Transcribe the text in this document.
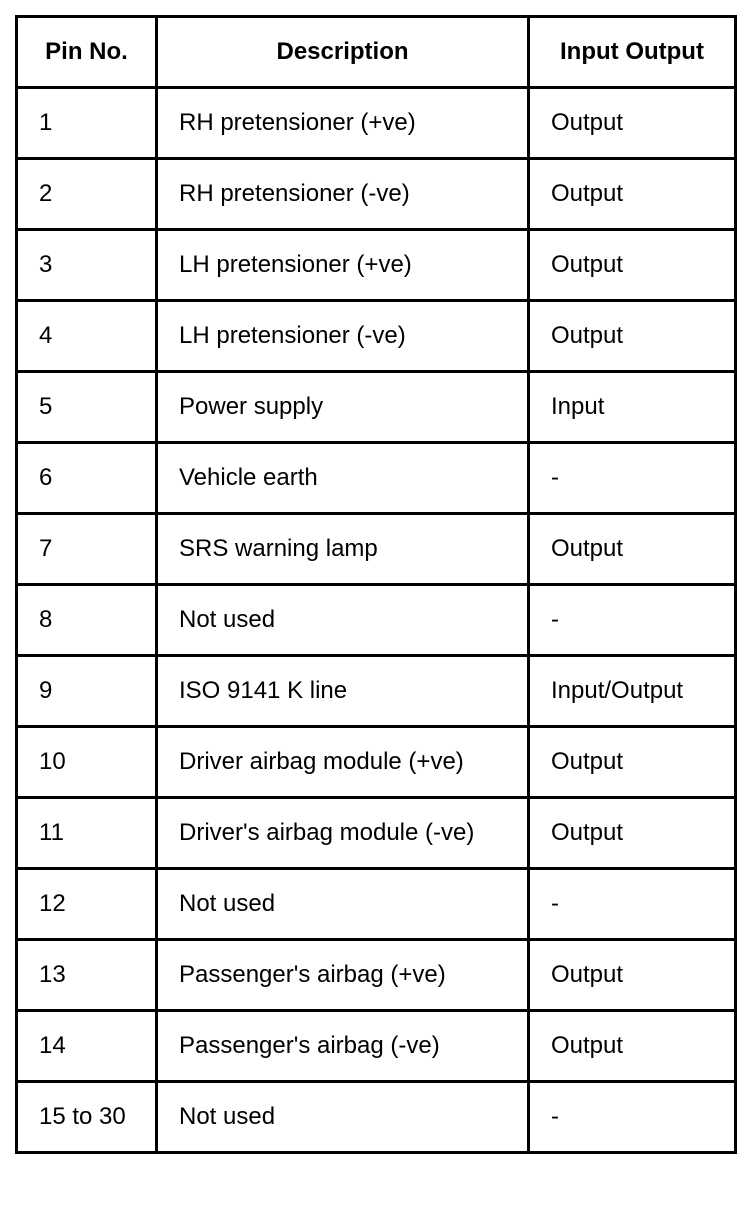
Pin No.	Description	Input Output
1	RH pretensioner (+ve)	Output
2	RH pretensioner (-ve)	Output
3	LH pretensioner (+ve)	Output
4	LH pretensioner (-ve)	Output
5	Power supply	Input
6	Vehicle earth	-
7	SRS warning lamp	Output
8	Not used	-
9	ISO 9141 K line	Input/Output
10	Driver airbag module (+ve)	Output
11	Driver's airbag module (-ve)	Output
12	Not used	-
13	Passenger's airbag (+ve)	Output
14	Passenger's airbag (-ve)	Output
15 to 30	Not used	-
